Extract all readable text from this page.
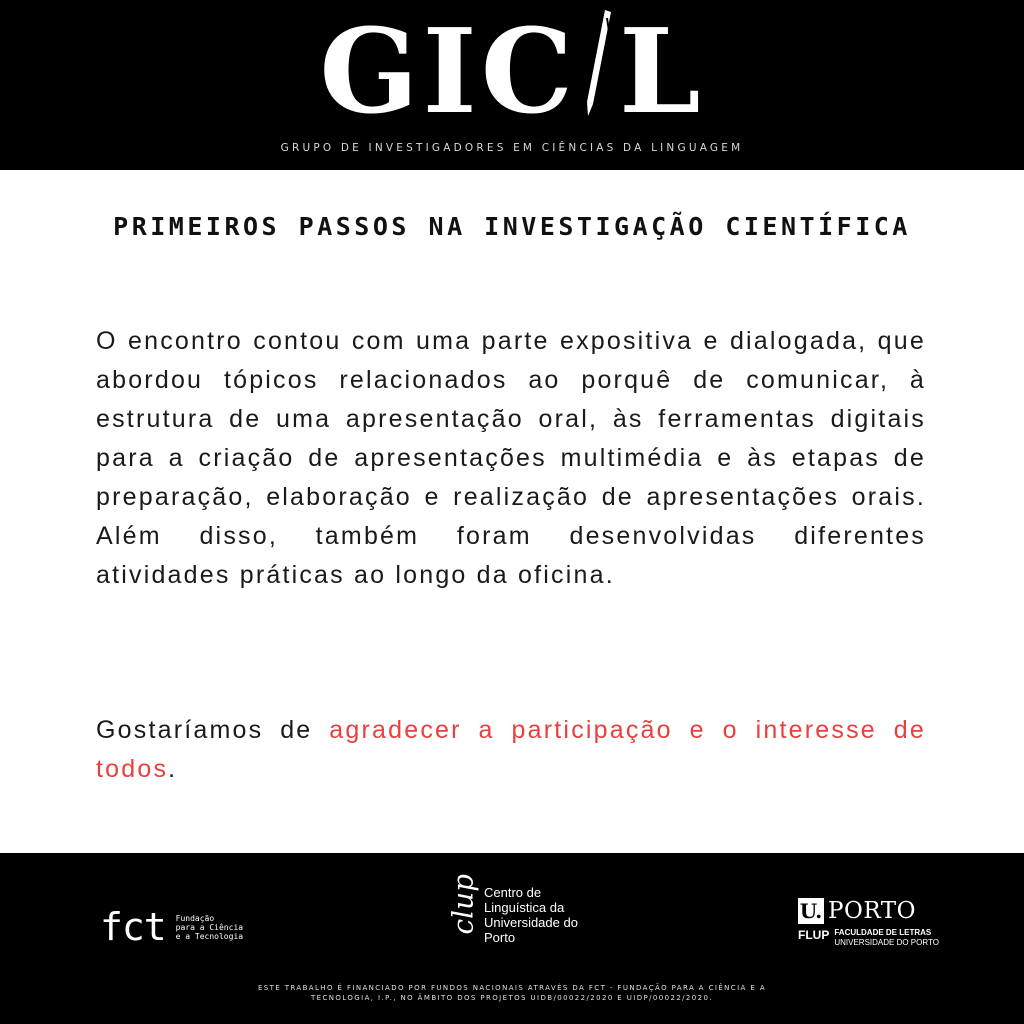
G I C L
GRUPO DE INVESTIGADORES EM CIÊNCIAS DA LINGUAGEM
PRIMEIROS PASSOS NA INVESTIGAÇÃO CIENTÍFICA
O encontro contou com uma parte expositiva e dialogada, que abordou tópicos relacionados ao porquê de comunicar, à estrutura de uma apresentação oral, às ferramentas digitais para a criação de apresentações multimédia e às etapas de preparação, elaboração e realização de apresentações orais. Além disso, também foram desenvolvidas diferentes atividades práticas ao longo da oficina.
Gostaríamos de agradecer a participação e o interesse de todos.
fct Fundação
para a Ciência
e a Tecnologia
clup Centro de
Linguística da
Universidade do
Porto
U. PORTO
FLUP FACULDADE DE LETRAS
UNIVERSIDADE DO PORTO
ESTE TRABALHO É FINANCIADO POR FUNDOS NACIONAIS ATRAVÉS DA FCT - FUNDAÇÃO PARA A CIÊNCIA E A
TECNOLOGIA, I.P., NO ÂMBITO DOS PROJETOS UIDB/00022/2020 E UIDP/00022/2020.
